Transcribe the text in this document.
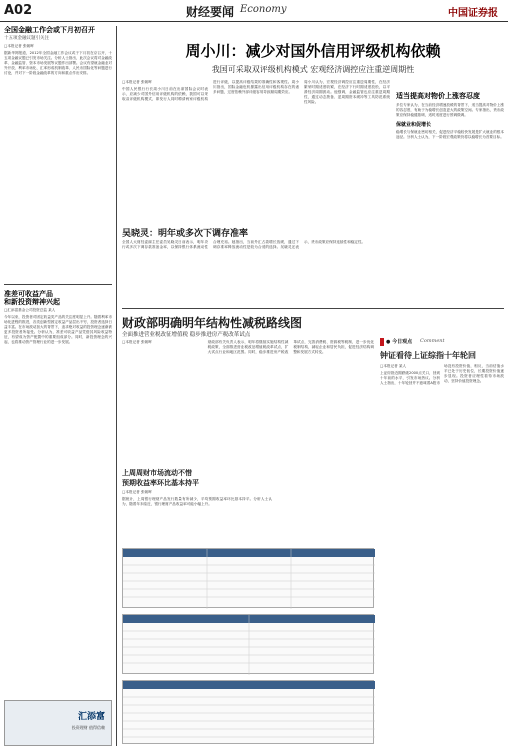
A02	财经要闻 Economy	中国证券报
全国金融工作会或下月初召开
十五项金融议题引关注
□本报记者 张朝晖
据新华网报道，2012年全国金融工作会议或于下月初在京召开，十五项金融议题已引发市场关注。分析人士指出，此次会议将对金融改革、金融监管、资本市场发展等议题作出部署。会议有望就金融业对外开放、利率市场化、汇率形成机制改革、人民币国际化等问题进行讨论，并对下一阶段金融改革的方向和重点作出安排。
准差可收益产品
和新投资辩神兴起
□汇添富基金公司投资总监 某人
今年以来，投资者对固定收益类产品的关注度明显上升。随着利率市场化进程的推进，各类创新型固定收益产品层出不穷，投资者选择日益丰富。在市场波动加大的背景下，追求绝对收益的投资理念逐渐被更多投资者所接受。分析认为，准差可收益产品凭借其风险收益特征，有望成为资产配置中的重要组成部分。同时，新投资理念的兴起，也将推动资产管理行业的进一步发展。
汇添富
投资理财 值得信赖
周小川：减少对国外信用评级机构依赖
我国可采取双评级机构模式 宏观经济调控应注重逆周期性
□本报记者 张朝晖
中国人民银行行长周小川日前在出席国际会议时表示，应减少对国外信用评级机构的依赖，我国可以采取双评级机构模式，即发行人同时聘请两家评级机构进行评级，以提高评级结果的准确性和客观性。周小川指出，国际金融危机暴露出信用评级机构存在的诸多问题，过度依赖外部评级容易导致顺周期效应。
周小川认为，宏观经济调控应注重逆周期性，在经济繁荣时期适度收紧，在经济下行时期适度放松，以平滑经济周期波动。他强调，金融监管也应注重逆周期性，通过动态拨备、逆周期资本缓冲等工具防范系统性风险。
适当提高对物价上涨容忍度
多位专家认为，在当前经济增速放缓的背景下，适当提高对物价上涨的容忍度，有助于为稳增长创造更大的政策空间。专家指出，货币政策应保持稳健基调，适时适度进行预调微调。
保就业和促增长
稳增长与保就业密切相关，促进经济平稳较快发展是扩大就业的根本途径。分析人士认为，下一阶段宏观政策仍将以稳增长为首要目标。
吴晓灵：明年或多次下调存准率
全国人大财经委副主任委员吴晓灵日前表示，明年央行或多次下调存款准备金率，以保持银行体系流动性合理充裕。她指出，当前外汇占款增长放缓，通过下调存准率释放流动性是较为合适的选择。吴晓灵还表示，货币政策应保持连续性和稳定性。
财政部明确明年结构性减税路线图
全面推进营业税改征增值税 稳步推进房产税改革试点
□本报记者 张朝晖	财政部有关负责人表示，明年将继续实施结构性减税政策，全面推进营业税改征增值税改革试点，扩大试点行业和地区范围。同时，稳步推进房产税改革试点，完善消费税、资源税等税制，进一步优化税制结构，减轻企业和居民负担，促进经济结构调整和发展方式转变。
● 今日观点 Comment
钟证看待上证综指十年轮回
□本报记者 某人
上证综指近期跌破2000点关口，回到十年前的水平，引发市场热议。分析人士指出，十年轮回并不意味着A股市场没有投资价值，相反，当前估值水平已处于历史低位，长期投资价值逐步显现。投资者应理性看待市场波动，坚持价值投资理念。
上周周财市场流动不惜
预期收益率环比基本持平
□本报记者 张朝晖
据统计，上周银行理财产品发行数量有所减少，平均预期收益率环比基本持平。分析人士认为，随着年末临近，银行理财产品收益率可能小幅上升。
